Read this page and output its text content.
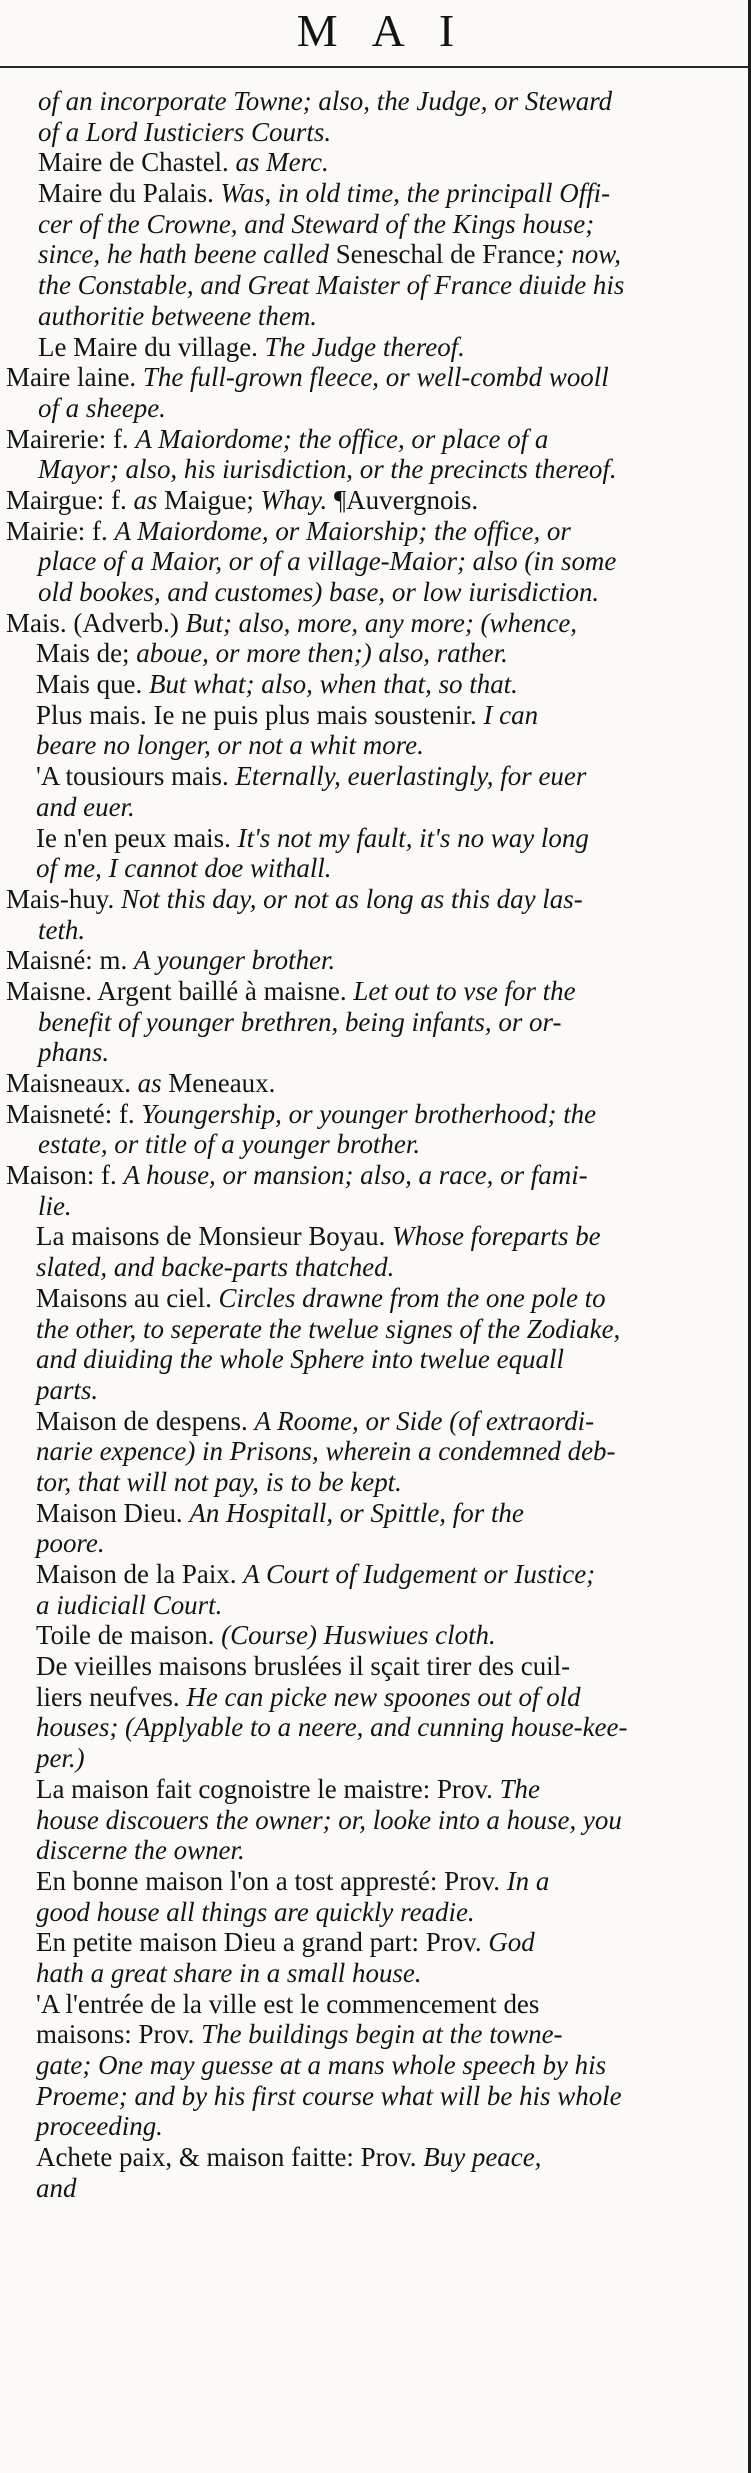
MAI
of an incorporate Towne; also, the Judge, or Steward
of a Lord Iusticiers Courts.
Maire de Chastel. as Merc.
Maire du Palais. Was, in old time, the principall Offi-
cer of the Crowne, and Steward of the Kings house;
since, he hath beene called Seneschal de France; now,
the Constable, and Great Maister of France diuide his
authoritie betweene them.
Le Maire du village. The Judge thereof.
Maire laine. The full-grown fleece, or well-combd wooll
of a sheepe.
Mairerie: f. A Maiordome; the office, or place of a
Mayor; also, his iurisdiction, or the precincts thereof.
Mairgue: f. as Maigue; Whay. ¶Auvergnois.
Mairie: f. A Maiordome, or Maiorship; the office, or
place of a Maior, or of a village-Maior; also (in some
old bookes, and customes) base, or low iurisdiction.
Mais. (Adverb.) But; also, more, any more; (whence,
Mais de; aboue, or more then;) also, rather.
Mais que. But what; also, when that, so that.
Plus mais. Ie ne puis plus mais soustenir. I can
beare no longer, or not a whit more.
'A tousiours mais. Eternally, euerlastingly, for euer
and euer.
Ie n'en peux mais. It's not my fault, it's no way long
of me, I cannot doe withall.
Mais-huy. Not this day, or not as long as this day las-
teth.
Maisné: m. A younger brother.
Maisne. Argent baillé à maisne. Let out to vse for the
benefit of younger brethren, being infants, or or-
phans.
Maisneaux. as Meneaux.
Maisneté: f. Youngership, or younger brotherhood; the
estate, or title of a younger brother.
Maison: f. A house, or mansion; also, a race, or fami-
lie.
La maisons de Monsieur Boyau. Whose foreparts be
slated, and backe-parts thatched.
Maisons au ciel. Circles drawne from the one pole to
the other, to seperate the twelue signes of the Zodiake,
and diuiding the whole Sphere into twelue equall
parts.
Maison de despens. A Roome, or Side (of extraordi-
narie expence) in Prisons, wherein a condemned deb-
tor, that will not pay, is to be kept.
Maison Dieu. An Hospitall, or Spittle, for the
poore.
Maison de la Paix. A Court of Iudgement or Iustice;
a iudiciall Court.
Toile de maison. (Course) Huswiues cloth.
De vieilles maisons bruslées il sçait tirer des cuil-
liers neufves. He can picke new spoones out of old
houses; (Applyable to a neere, and cunning house-kee-
per.)
La maison fait cognoistre le maistre: Prov. The
house discouers the owner; or, looke into a house, you
discerne the owner.
En bonne maison l'on a tost appresté: Prov. In a
good house all things are quickly readie.
En petite maison Dieu a grand part: Prov. God
hath a great share in a small house.
'A l'entrée de la ville est le commencement des
maisons: Prov. The buildings begin at the towne-
gate; One may guesse at a mans whole speech by his
Proeme; and by his first course what will be his whole
proceeding.
Achete paix, & maison faitte: Prov. Buy peace,
and
